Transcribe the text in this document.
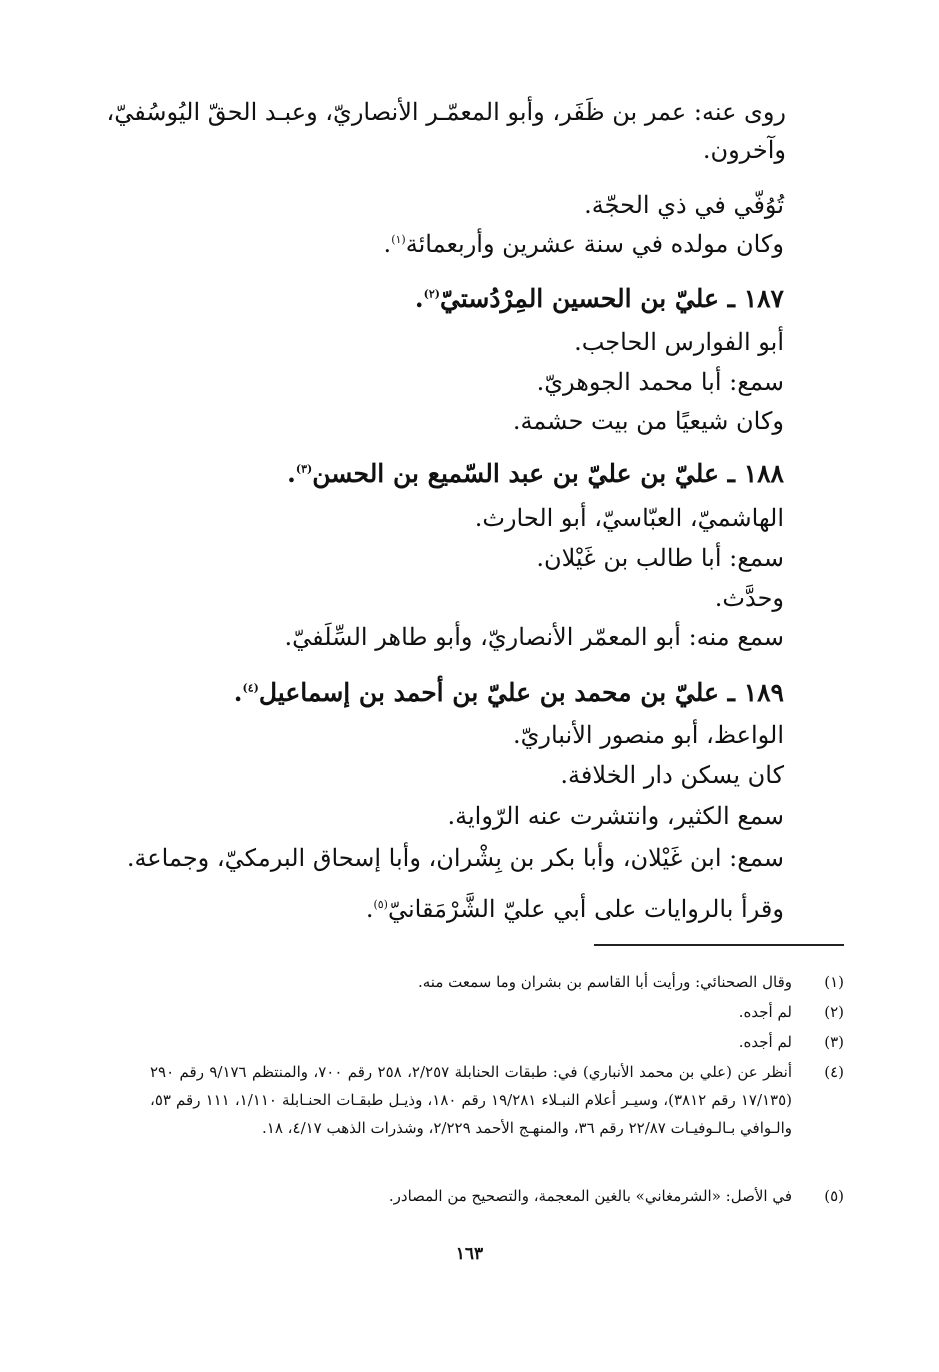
روى عنه: عمر بن ظَفَر، وأبو المعمّـر الأنصاريّ، وعبـد الحقّ اليُوسُفيّ،
وآخرون.
تُوُفّي في ذي الحجّة.
وكان مولده في سنة عشرين وأربعمائة$^{(١)}$.
١٨٧ ـ عليّ بن الحسين المِرْدُستيّ$^{(٢)}$.
أبو الفوارس الحاجب.
سمع: أبا محمد الجوهريّ.
وكان شيعيًا من بيت حشمة.
١٨٨ ـ عليّ بن عليّ بن عبد السّميع بن الحسن$^{(٣)}$.
الهاشميّ، العبّاسيّ، أبو الحارث.
سمع: أبا طالب بن غَيْلان.
وحدَّث.
سمع منه: أبو المعمّر الأنصاريّ، وأبو طاهر السِّلَفيّ.
١٨٩ ـ عليّ بن محمد بن عليّ بن أحمد بن إسماعيل$^{(٤)}$.
الواعظ، أبو منصور الأنباريّ.
كان يسكن دار الخلافة.
سمع الكثير، وانتشرت عنه الرّواية.
سمع: ابن غَيْلان، وأبا بكر بن بِشْران، وأبا إسحاق البرمكيّ، وجماعة.
وقرأ بالروايات على أبي عليّ الشَّرْمَقانيّ$^{(٥)}$.
(١)
وقال الصحنائي: ورأيت أبا القاسم بن بشران وما سمعت منه.
(٢)
لم أجده.
(٣)
لم أجده.
(٤)
أنظر عن (علي بن محمد الأنباري) في: طبقات الحنابلة ٢/٢٥٧، ٢٥٨ رقم ٧٠٠، والمنتظم ٩/١٧٦ رقم ٢٩٠ (١٧/١٣٥ رقم ٣٨١٢)، وسيـر أعلام النبـلاء ١٩/٢٨١ رقم ١٨٠، وذيـل طبقـات الحنـابلة ١/١١٠، ١١١ رقم ٥٣، والـوافي بـالـوفيـات ٢٢/٨٧ رقم ٣٦، والمنهـج الأحمد ٢/٢٢٩، وشذرات الذهب ٤/١٧، ١٨.
(٥)
في الأصل: «الشرمغاني» بالغين المعجمة، والتصحيح من المصادر.
١٦٣
